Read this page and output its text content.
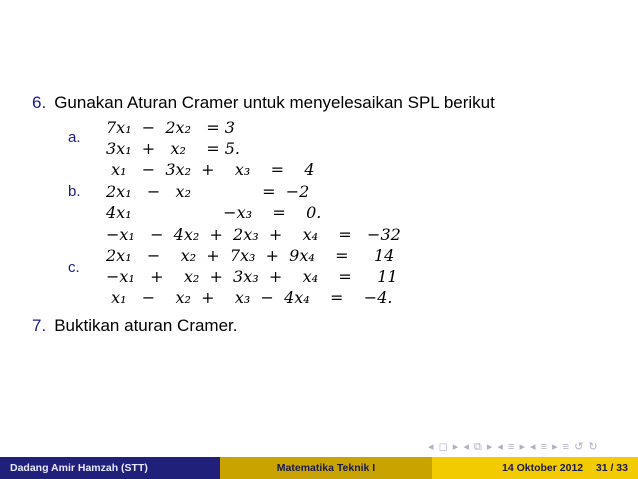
6. Gunakan Aturan Cramer untuk menyelesaikan SPL berikut
a.
7x₁  −  2x₂   = 3
3x₁  +   x₂    = 5.
b.
x₁   −  3x₂  +    x₃    =    4
2x₁   −   x₂              =  −2
4x₁                  −x₃    =    0.
c.
−x₁   −  4x₂  +  2x₃  +    x₄    =   −32
2x₁   −    x₂  +  7x₃  +  9x₄    =     14
−x₁   +    x₂  +  3x₃  +    x₄    =     11
x₁   −    x₂  +    x₃  −  4x₄    =    −4.
7. Buktikan aturan Cramer.
◂ ◻ ▸ ◂ ⧉ ▸ ◂ ≡ ▸ ◂ ≡ ▸ ≡ ↺ ↻
Dadang Amir Hamzah (STT)	Matematika Teknik I	14 Oktober 2012 31 / 33
